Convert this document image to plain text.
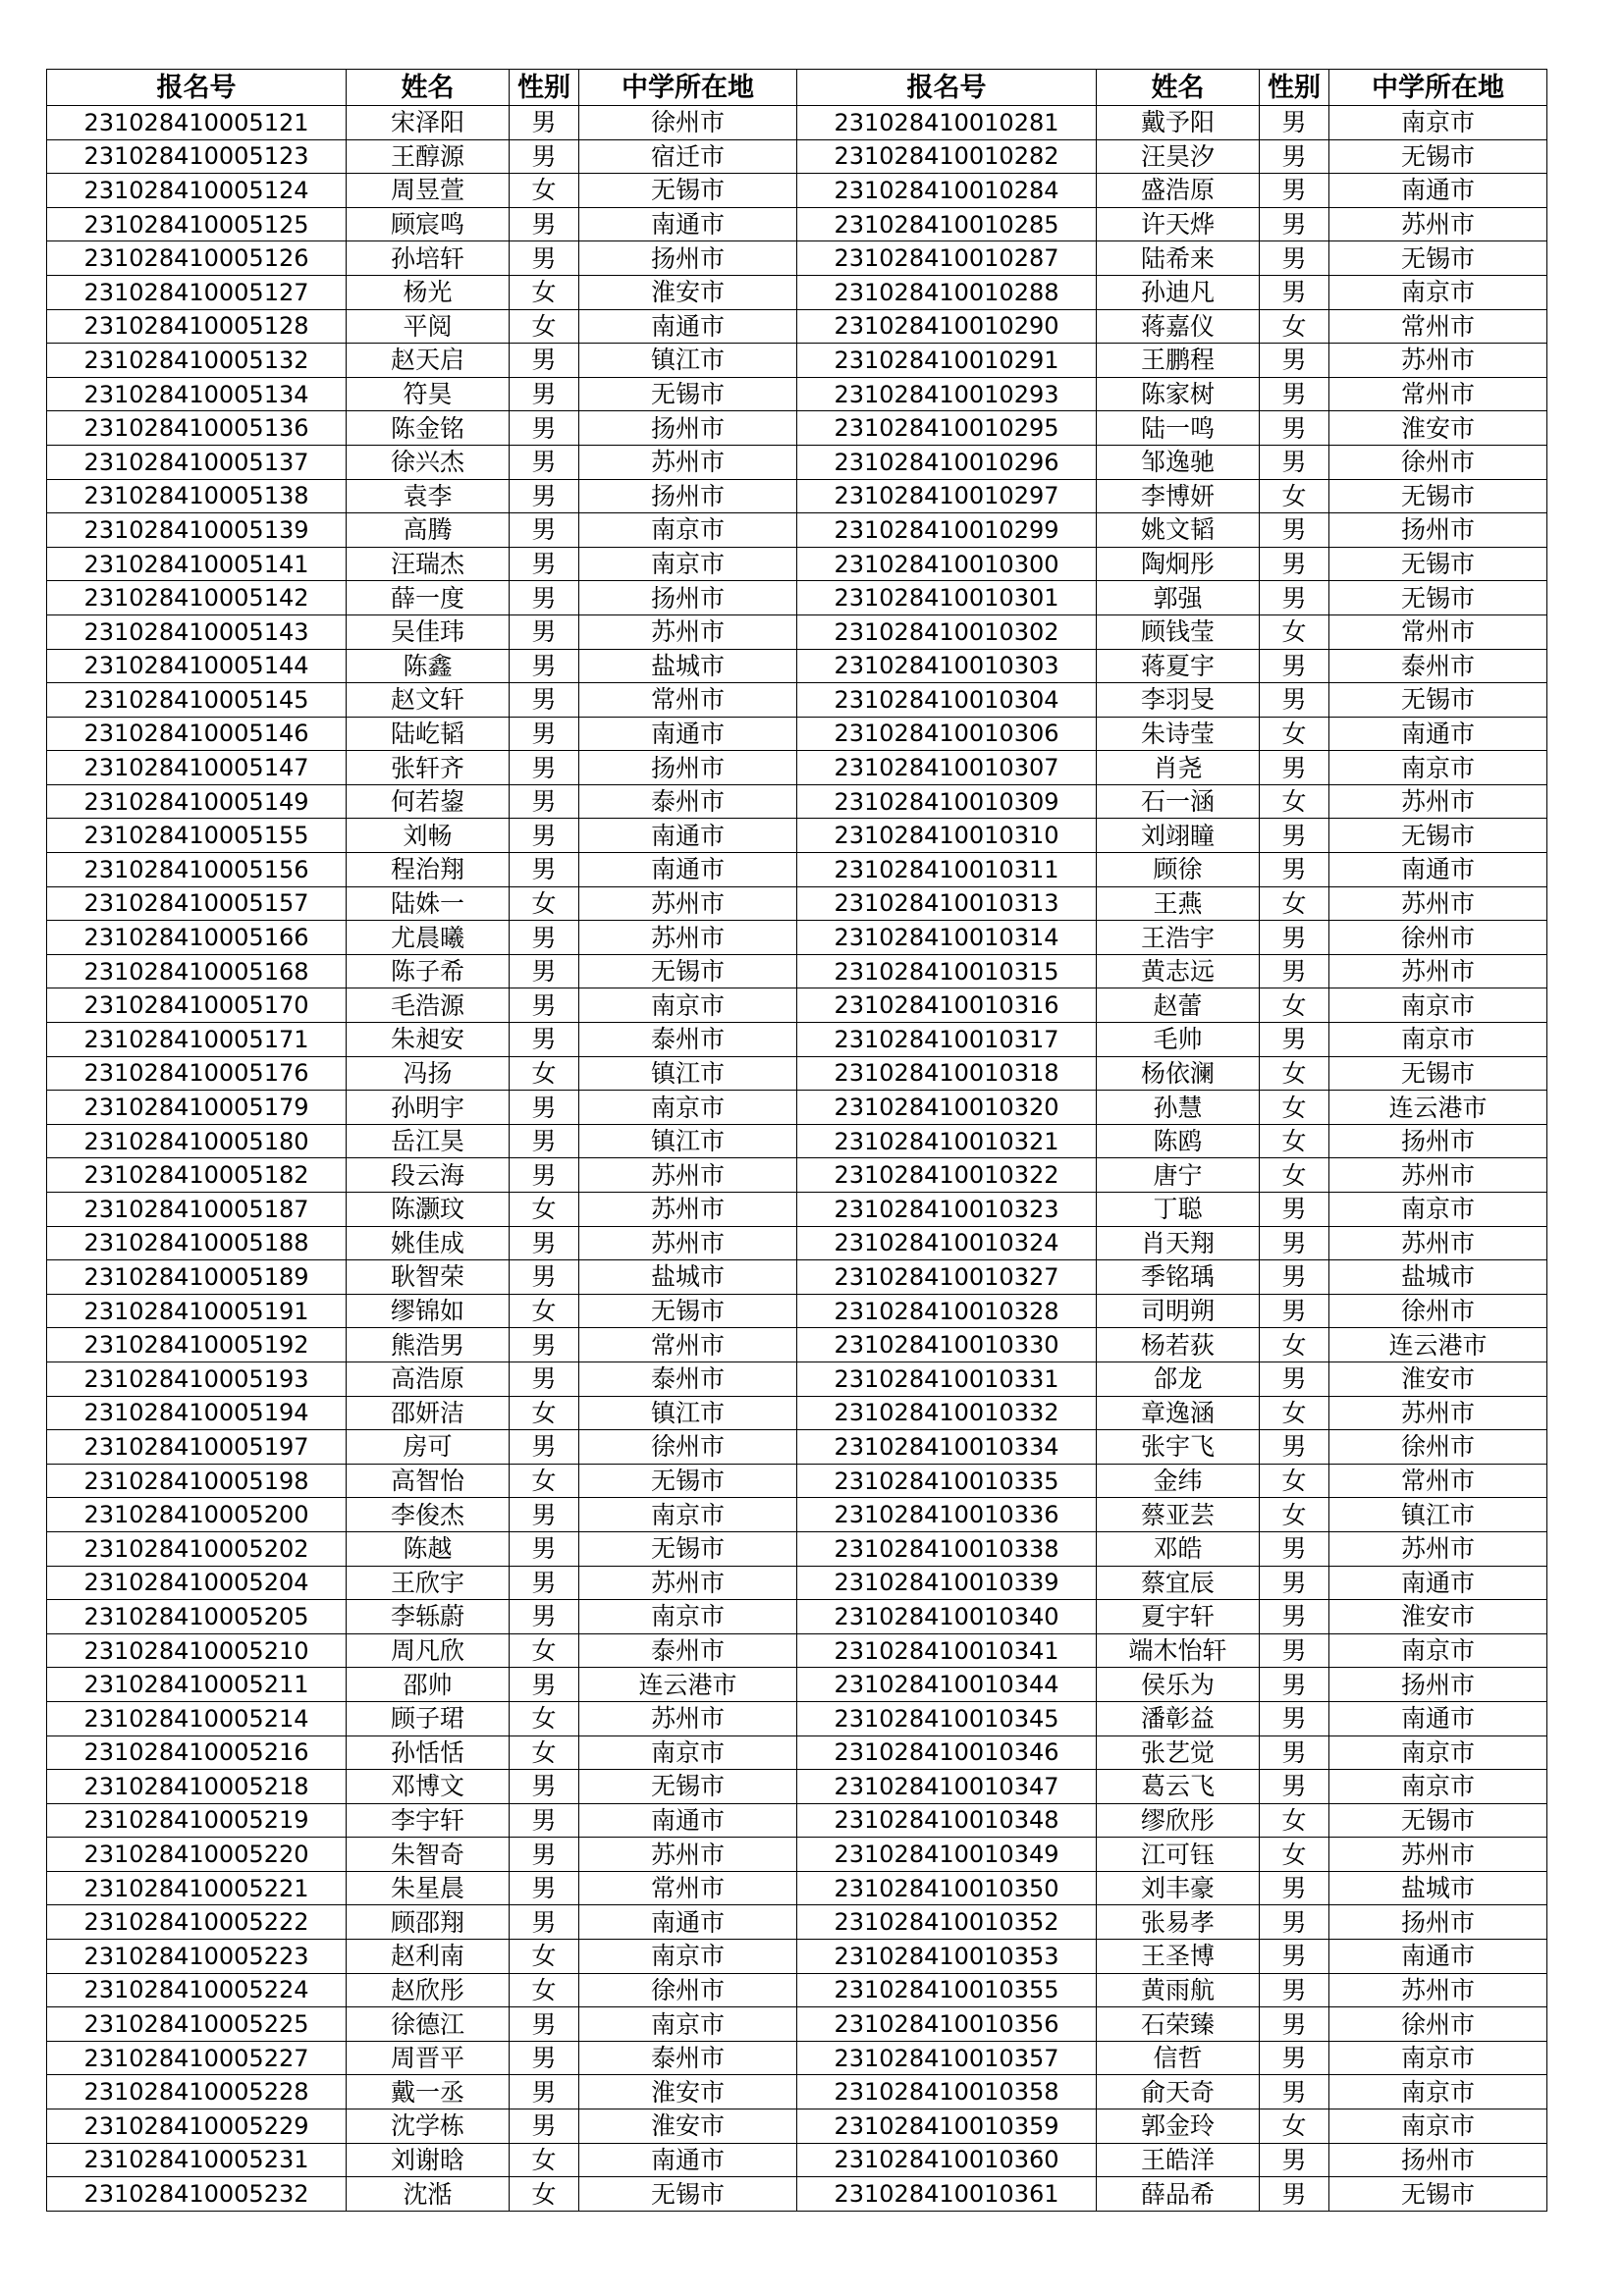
报名号	姓名	性别	中学所在地	报名号	姓名	性别	中学所在地
231028410005121	宋泽阳	男	徐州市	231028410010281	戴予阳	男	南京市
231028410005123	王醇源	男	宿迁市	231028410010282	汪昊汐	男	无锡市
231028410005124	周昱萱	女	无锡市	231028410010284	盛浩原	男	南通市
231028410005125	顾宸鸣	男	南通市	231028410010285	许天烨	男	苏州市
231028410005126	孙培轩	男	扬州市	231028410010287	陆希来	男	无锡市
231028410005127	杨光	女	淮安市	231028410010288	孙迪凡	男	南京市
231028410005128	平阅	女	南通市	231028410010290	蒋嘉仪	女	常州市
231028410005132	赵天启	男	镇江市	231028410010291	王鹏程	男	苏州市
231028410005134	符昊	男	无锡市	231028410010293	陈家树	男	常州市
231028410005136	陈金铭	男	扬州市	231028410010295	陆一鸣	男	淮安市
231028410005137	徐兴杰	男	苏州市	231028410010296	邹逸驰	男	徐州市
231028410005138	袁李	男	扬州市	231028410010297	李博妍	女	无锡市
231028410005139	高腾	男	南京市	231028410010299	姚文韬	男	扬州市
231028410005141	汪瑞杰	男	南京市	231028410010300	陶炯彤	男	无锡市
231028410005142	薛一度	男	扬州市	231028410010301	郭强	男	无锡市
231028410005143	吴佳玮	男	苏州市	231028410010302	顾钱莹	女	常州市
231028410005144	陈鑫	男	盐城市	231028410010303	蒋夏宇	男	泰州市
231028410005145	赵文轩	男	常州市	231028410010304	李羽旻	男	无锡市
231028410005146	陆屹韬	男	南通市	231028410010306	朱诗莹	女	南通市
231028410005147	张轩齐	男	扬州市	231028410010307	肖尧	男	南京市
231028410005149	何若鋆	男	泰州市	231028410010309	石一涵	女	苏州市
231028410005155	刘畅	男	南通市	231028410010310	刘翊瞳	男	无锡市
231028410005156	程治翔	男	南通市	231028410010311	顾徐	男	南通市
231028410005157	陆姝一	女	苏州市	231028410010313	王燕	女	苏州市
231028410005166	尤晨曦	男	苏州市	231028410010314	王浩宇	男	徐州市
231028410005168	陈子希	男	无锡市	231028410010315	黄志远	男	苏州市
231028410005170	毛浩源	男	南京市	231028410010316	赵蕾	女	南京市
231028410005171	朱昶安	男	泰州市	231028410010317	毛帅	男	南京市
231028410005176	冯扬	女	镇江市	231028410010318	杨依澜	女	无锡市
231028410005179	孙明宇	男	南京市	231028410010320	孙慧	女	连云港市
231028410005180	岳江昊	男	镇江市	231028410010321	陈鸥	女	扬州市
231028410005182	段云海	男	苏州市	231028410010322	唐宁	女	苏州市
231028410005187	陈灏玟	女	苏州市	231028410010323	丁聪	男	南京市
231028410005188	姚佳成	男	苏州市	231028410010324	肖天翔	男	苏州市
231028410005189	耿智荣	男	盐城市	231028410010327	季铭瑀	男	盐城市
231028410005191	缪锦如	女	无锡市	231028410010328	司明朔	男	徐州市
231028410005192	熊浩男	男	常州市	231028410010330	杨若荻	女	连云港市
231028410005193	高浩原	男	泰州市	231028410010331	郃龙	男	淮安市
231028410005194	邵妍洁	女	镇江市	231028410010332	章逸涵	女	苏州市
231028410005197	房可	男	徐州市	231028410010334	张宇飞	男	徐州市
231028410005198	高智怡	女	无锡市	231028410010335	金纬	女	常州市
231028410005200	李俊杰	男	南京市	231028410010336	蔡亚芸	女	镇江市
231028410005202	陈越	男	无锡市	231028410010338	邓皓	男	苏州市
231028410005204	王欣宇	男	苏州市	231028410010339	蔡宜辰	男	南通市
231028410005205	李轹蔚	男	南京市	231028410010340	夏宇轩	男	淮安市
231028410005210	周凡欣	女	泰州市	231028410010341	端木怡轩	男	南京市
231028410005211	邵帅	男	连云港市	231028410010344	侯乐为	男	扬州市
231028410005214	顾子珺	女	苏州市	231028410010345	潘彰益	男	南通市
231028410005216	孙恬恬	女	南京市	231028410010346	张艺觉	男	南京市
231028410005218	邓博文	男	无锡市	231028410010347	葛云飞	男	南京市
231028410005219	李宇轩	男	南通市	231028410010348	缪欣彤	女	无锡市
231028410005220	朱智奇	男	苏州市	231028410010349	江可钰	女	苏州市
231028410005221	朱星晨	男	常州市	231028410010350	刘丰豪	男	盐城市
231028410005222	顾邵翔	男	南通市	231028410010352	张易孝	男	扬州市
231028410005223	赵利南	女	南京市	231028410010353	王圣博	男	南通市
231028410005224	赵欣彤	女	徐州市	231028410010355	黄雨航	男	苏州市
231028410005225	徐德江	男	南京市	231028410010356	石荣臻	男	徐州市
231028410005227	周晋平	男	泰州市	231028410010357	信哲	男	南京市
231028410005228	戴一丞	男	淮安市	231028410010358	俞天奇	男	南京市
231028410005229	沈学栋	男	淮安市	231028410010359	郭金玲	女	南京市
231028410005231	刘谢晗	女	南通市	231028410010360	王皓洋	男	扬州市
231028410005232	沈湉	女	无锡市	231028410010361	薛品希	男	无锡市
